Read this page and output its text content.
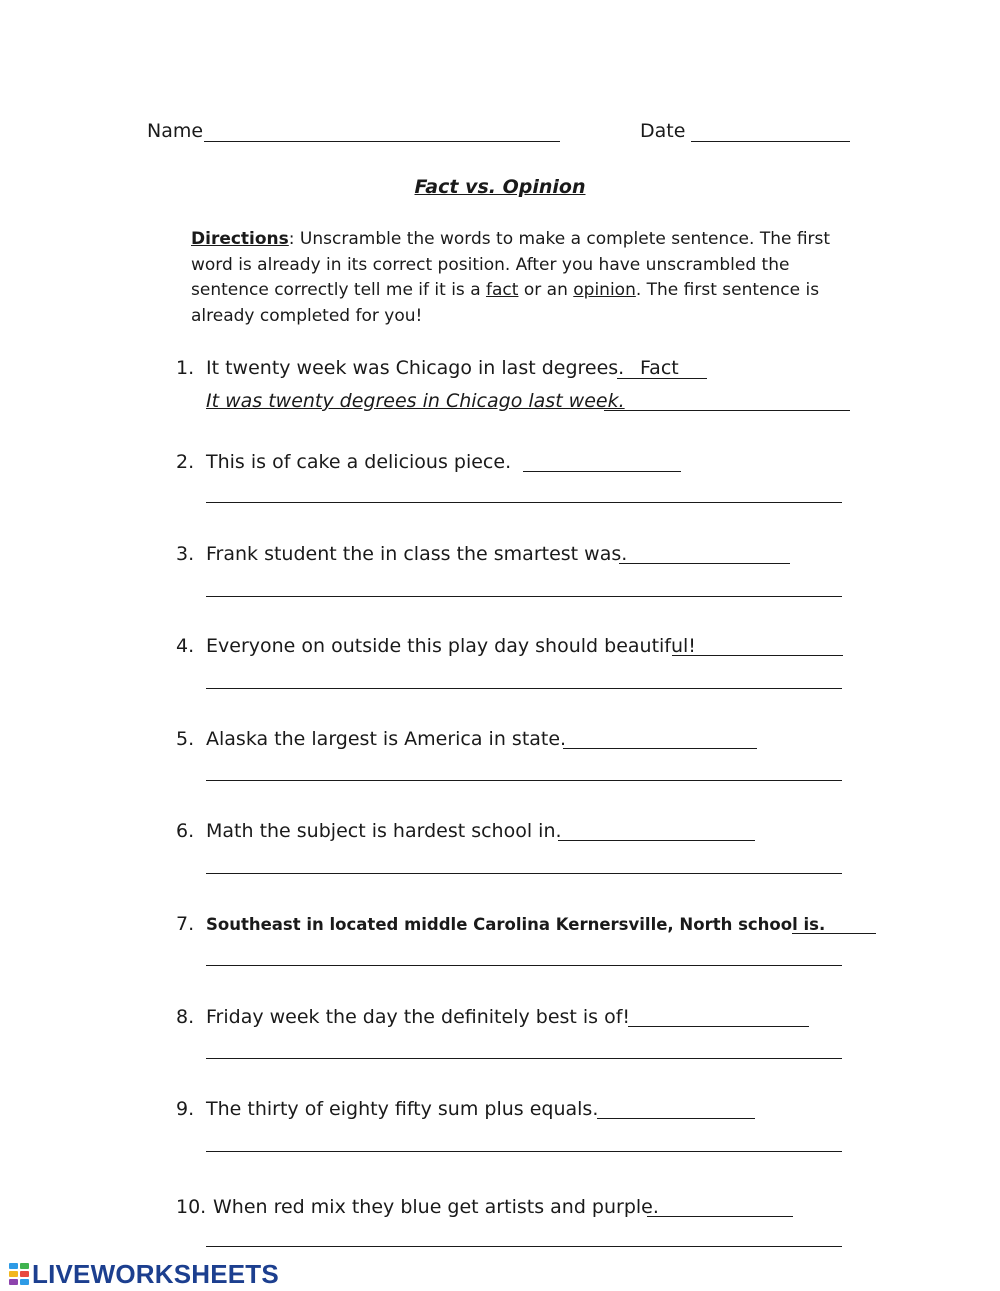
Name	Date
Fact vs. Opinion
Directions: Unscramble the words to make a complete sentence. The first word is already in its correct position. After you have unscrambled the sentence correctly tell me if it is a fact or an opinion. The first sentence is already completed for you!
1. It twenty week was Chicago in last degrees. Fact
It was twenty degrees in Chicago last week.
2. This is of cake a delicious piece.
3. Frank student the in class the smartest was.
4. Everyone on outside this play day should beautiful!
5. Alaska the largest is America in state.
6. Math the subject is hardest school in.
7. Southeast in located middle Carolina Kernersville, North school is.
8. Friday week the day the definitely best is of!
9. The thirty of eighty fifty sum plus equals.
10. When red mix they blue get artists and purple.
LIVEWORKSHEETS
